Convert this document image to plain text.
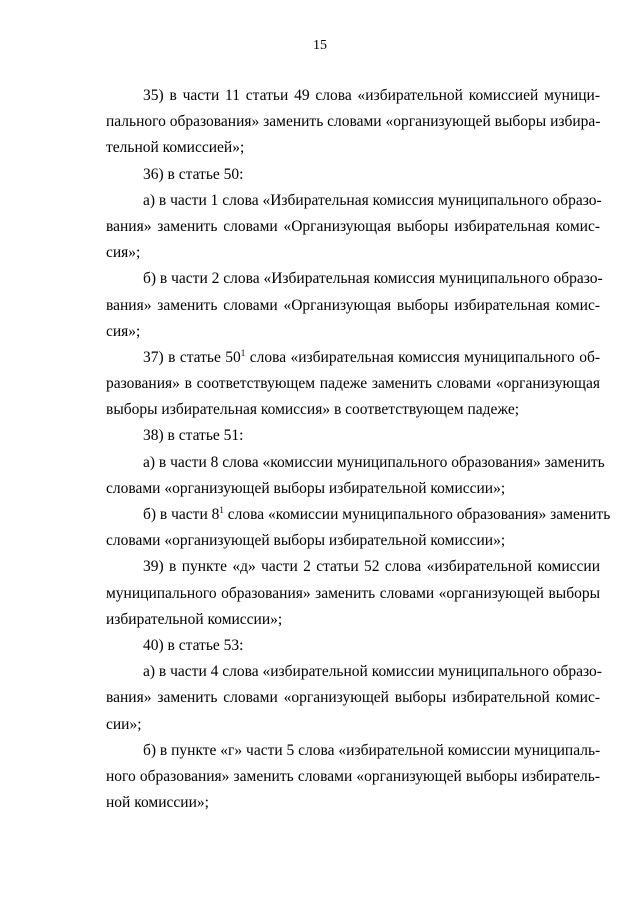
15
35) в части 11 статьи 49 слова «избирательной комиссией муници-
пального образования» заменить словами «организующей выборы избира-
тельной комиссией»;
36) в статье 50:
а) в части 1 слова «Избирательная комиссия муниципального образо-
вания» заменить словами «Организующая выборы избирательная комис-
сия»;
б) в части 2 слова «Избирательная комиссия муниципального образо-
вания» заменить словами «Организующая выборы избирательная комис-
сия»;
37) в статье $50^1$ слова «избирательная комиссия муниципального об-
разования» в соответствующем падеже заменить словами «организующая
выборы избирательная комиссия» в соответствующем падеже;
38) в статье 51:
а) в части 8 слова «комиссии муниципального образования» заменить
словами «организующей выборы избирательной комиссии»;
б) в части $8^1$ слова «комиссии муниципального образования» заменить
словами «организующей выборы избирательной комиссии»;
39) в пункте «д» части 2 статьи 52 слова «избирательной комиссии
муниципального образования» заменить словами «организующей выборы
избирательной комиссии»;
40) в статье 53:
а) в части 4 слова «избирательной комиссии муниципального образо-
вания» заменить словами «организующей выборы избирательной комис-
сии»;
б) в пункте «г» части 5 слова «избирательной комиссии муниципаль-
ного образования» заменить словами «организующей выборы избиратель-
ной комиссии»;
